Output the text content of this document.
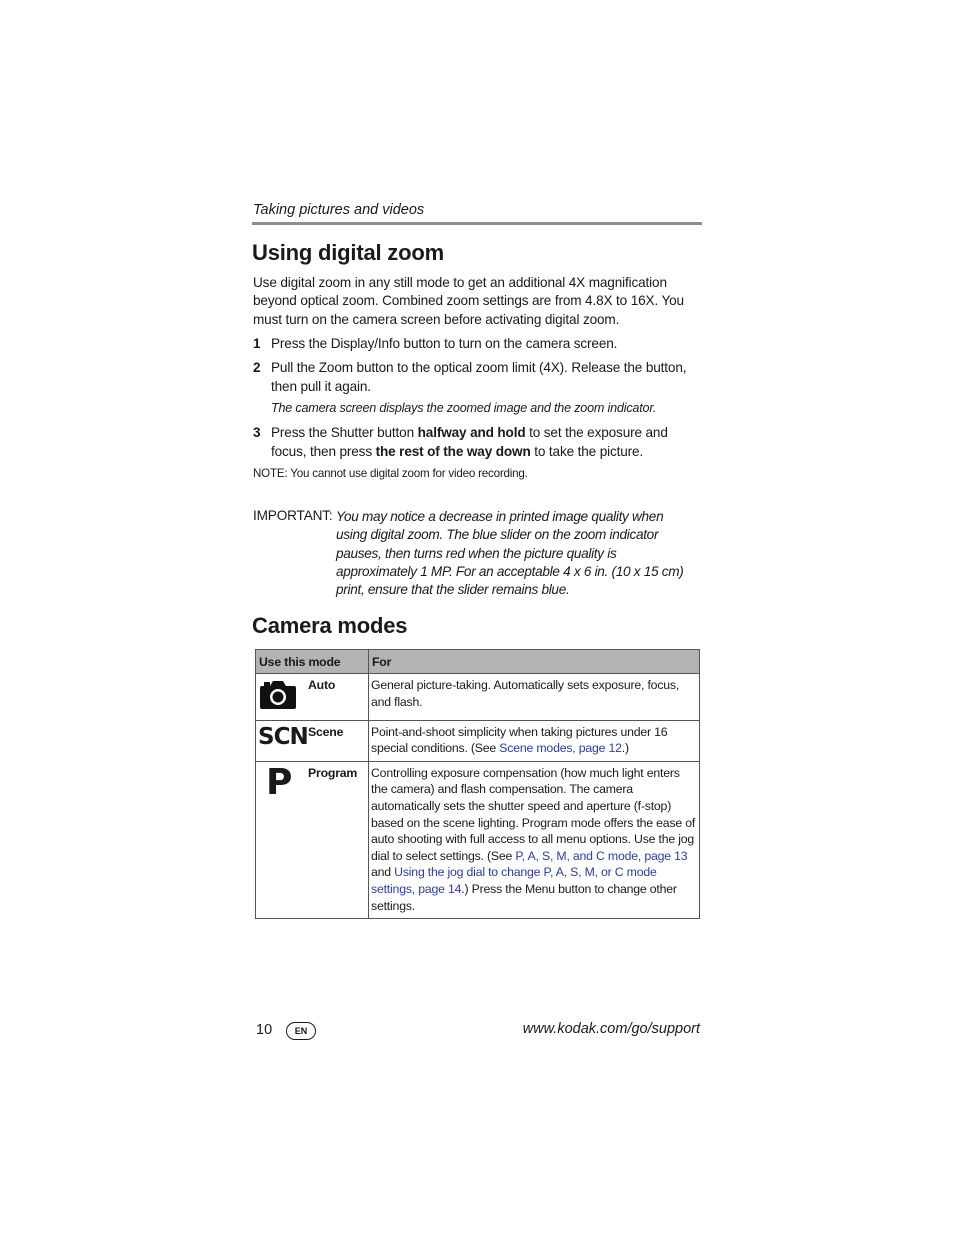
Taking pictures and videos
Using digital zoom
Use digital zoom in any still mode to get an additional 4X magnification beyond optical zoom. Combined zoom settings are from 4.8X to 16X. You must turn on the camera screen before activating digital zoom.
1 Press the Display/Info button to turn on the camera screen.
2 Pull the Zoom button to the optical zoom limit (4X). Release the button, then pull it again.
The camera screen displays the zoomed image and the zoom indicator.
3 Press the Shutter button halfway and hold to set the exposure and focus, then press the rest of the way down to take the picture.
NOTE: You cannot use digital zoom for video recording.
IMPORTANT: You may notice a decrease in printed image quality when using digital zoom. The blue slider on the zoom indicator pauses, then turns red when the picture quality is approximately 1 MP. For an acceptable 4 x 6 in. (10 x 15 cm) print, ensure that the slider remains blue.
Camera modes
Use this mode	For
Auto	General picture-taking. Automatically sets exposure, focus, and flash.
SCNScene	Point-and-shoot simplicity when taking pictures under 16 special conditions. (See Scene modes, page 12.)
P Program	Controlling exposure compensation (how much light enters the camera) and flash compensation. The camera automatically sets the shutter speed and aperture (f-stop) based on the scene lighting. Program mode offers the ease of auto shooting with full access to all menu options. Use the jog dial to select settings. (See P, A, S, M, and C mode, page 13 and Using the jog dial to change P, A, S, M, or C mode settings, page 14.) Press the Menu button to change other settings.
10	EN	www.kodak.com/go/support
